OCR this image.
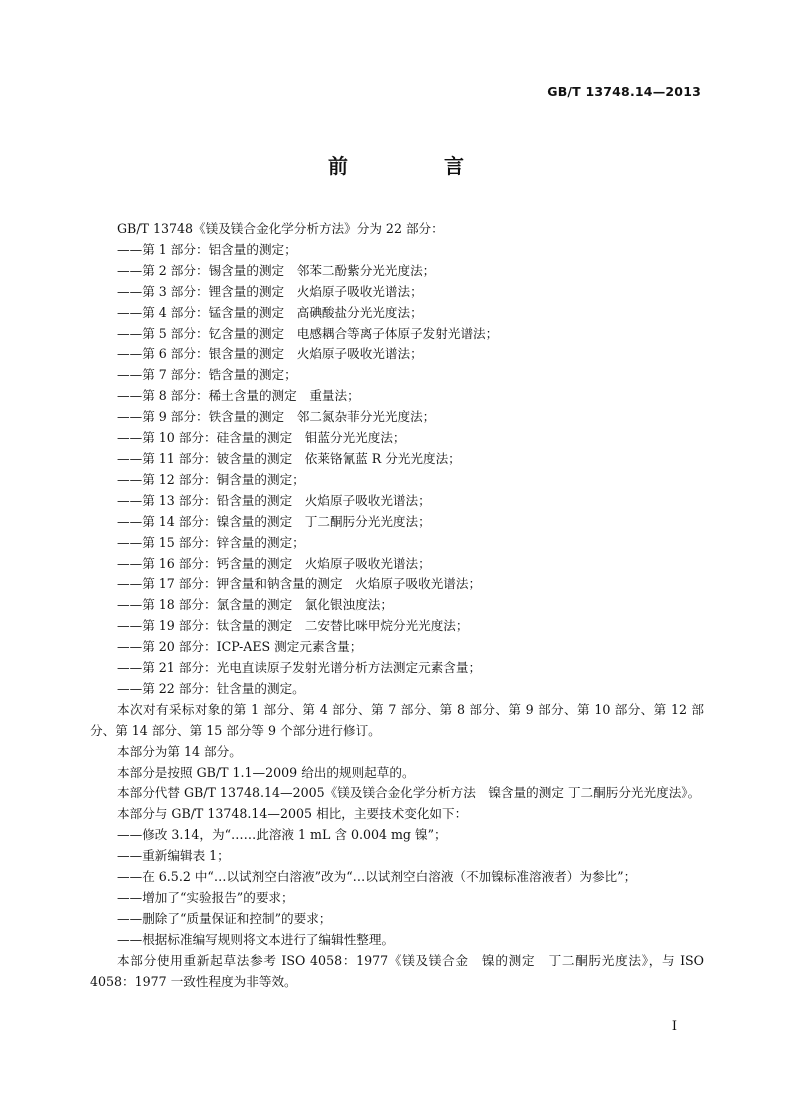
GB/T 13748.14—2013
前　言

GB/T 13748《镁及镁合金化学分析方法》分为 22 部分：

——第 1 部分：铝含量的测定；

——第 2 部分：锡含量的测定　邻苯二酚紫分光光度法；

——第 3 部分：锂含量的测定　火焰原子吸收光谱法；

——第 4 部分：锰含量的测定　高碘酸盐分光光度法；

——第 5 部分：钇含量的测定　电感耦合等离子体原子发射光谱法；

——第 6 部分：银含量的测定　火焰原子吸收光谱法；

——第 7 部分：锆含量的测定；

——第 8 部分：稀土含量的测定　重量法；

——第 9 部分：铁含量的测定　邻二氮杂菲分光光度法；

——第 10 部分：硅含量的测定　钼蓝分光光度法；

——第 11 部分：铍含量的测定　依莱铬氰蓝 R 分光光度法；

——第 12 部分：铜含量的测定；

——第 13 部分：铅含量的测定　火焰原子吸收光谱法；

——第 14 部分：镍含量的测定　丁二酮肟分光光度法；

——第 15 部分：锌含量的测定；

——第 16 部分：钙含量的测定　火焰原子吸收光谱法；

——第 17 部分：钾含量和钠含量的测定　火焰原子吸收光谱法；

——第 18 部分：氯含量的测定　氯化银浊度法；

——第 19 部分：钛含量的测定　二安替比咪甲烷分光光度法；

——第 20 部分：ICP-AES 测定元素含量；

——第 21 部分：光电直读原子发射光谱分析方法测定元素含量；

——第 22 部分：钍含量的测定。

本次对有采标对象的第 1 部分、第 4 部分、第 7 部分、第 8 部分、第 9 部分、第 10 部分、第 12 部分、第 14 部分、第 15 部分等 9 个部分进行修订。

本部分为第 14 部分。

本部分是按照 GB/T 1.1—2009 给出的规则起草的。

本部分代替 GB/T 13748.14—2005《镁及镁合金化学分析方法　镍含量的测定 丁二酮肟分光光度法》。

本部分与 GB/T 13748.14—2005 相比，主要技术变化如下：

——修改 3.14，为“……此溶液 1 mL 含 0.004 mg 镍”；

——重新编辑表 1；

——在 6.5.2 中“…以试剂空白溶液”改为“…以试剂空白溶液（不加镍标准溶液者）为参比”；

——增加了“实验报告”的要求；

——删除了“质量保证和控制”的要求；

——根据标准编写规则将文本进行了编辑性整理。

本部分使用重新起草法参考 ISO 4058：1977《镁及镁合金　镍的测定　丁二酮肟光度法》，与 ISO 4058：1977 一致性程度为非等效。

I
